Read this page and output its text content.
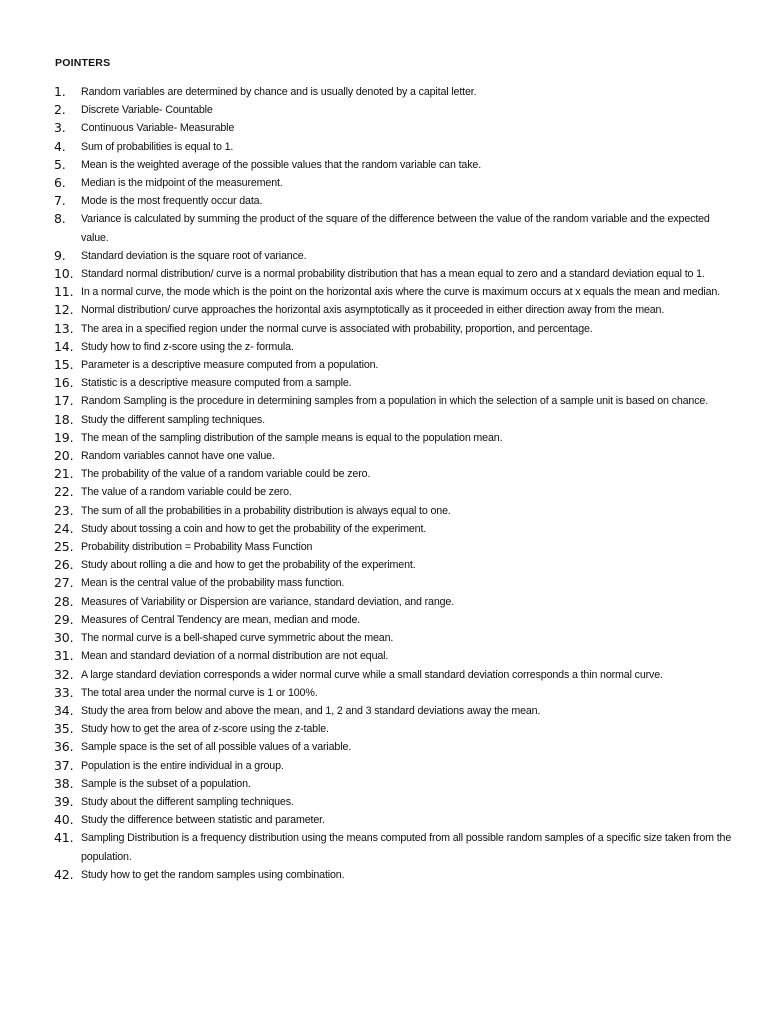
POINTERS
1. Random variables are determined by chance and is usually denoted by a capital letter.
2. Discrete Variable- Countable
3. Continuous Variable- Measurable
4. Sum of probabilities is equal to 1.
5. Mean is the weighted average of the possible values that the random variable can take.
6. Median is the midpoint of the measurement.
7. Mode is the most frequently occur data.
8. Variance is calculated by summing the product of the square of the difference between the value of the random variable and the expected value.
9. Standard deviation is the square root of variance.
10. Standard normal distribution/ curve is a normal probability distribution that has a mean equal to zero and a standard deviation equal to 1.
11. In a normal curve, the mode which is the point on the horizontal axis where the curve is maximum occurs at x equals the mean and median.
12. Normal distribution/ curve approaches the horizontal axis asymptotically as it proceeded in either direction away from the mean.
13. The area in a specified region under the normal curve is associated with probability, proportion, and percentage.
14. Study how to find z-score using the z- formula.
15. Parameter is a descriptive measure computed from a population.
16. Statistic is a descriptive measure computed from a sample.
17. Random Sampling is the procedure in determining samples from a population in which the selection of a sample unit is based on chance.
18. Study the different sampling techniques.
19. The mean of the sampling distribution of the sample means is equal to the population mean.
20. Random variables cannot have one value.
21. The probability of the value of a random variable could be zero.
22. The value of a random variable could be zero.
23. The sum of all the probabilities in a probability distribution is always equal to one.
24. Study about tossing a coin and how to get the probability of the experiment.
25. Probability distribution = Probability Mass Function
26. Study about rolling a die and how to get the probability of the experiment.
27. Mean is the central value of the probability mass function.
28. Measures of Variability or Dispersion are variance, standard deviation, and range.
29. Measures of Central Tendency are mean, median and mode.
30. The normal curve is a bell-shaped curve symmetric about the mean.
31. Mean and standard deviation of a normal distribution are not equal.
32. A large standard deviation corresponds a wider normal curve while a small standard deviation corresponds a thin normal curve.
33. The total area under the normal curve is 1 or 100%.
34. Study the area from below and above the mean, and 1, 2 and 3 standard deviations away the mean.
35. Study how to get the area of z-score using the z-table.
36. Sample space is the set of all possible values of a variable.
37. Population is the entire individual in a group.
38. Sample is the subset of a population.
39. Study about the different sampling techniques.
40. Study the difference between statistic and parameter.
41. Sampling Distribution is a frequency distribution using the means computed from all possible random samples of a specific size taken from the population.
42. Study how to get the random samples using combination.
